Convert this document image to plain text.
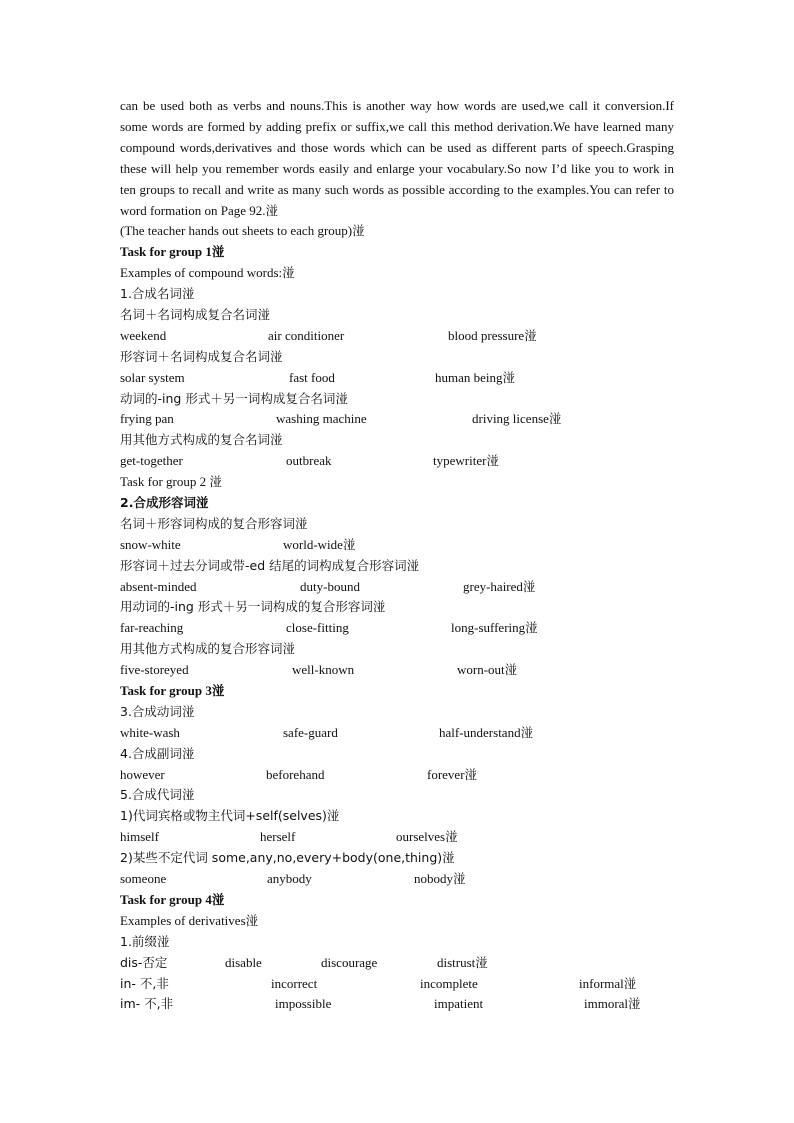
can be used both as verbs and nouns.This is another way how words are used,we call it conversion.If some words are formed by adding prefix or suffix,we call this method derivation.We have learned many compound words,derivatives and those words which can be used as different parts of speech.Grasping these will help you remember words easily and enlarge your vocabulary.So now I’d like you to work in ten groups to recall and write as many such words as possible according to the examples.You can refer to word formation on Page 92.湴

(The teacher hands out sheets to each group)湴
Task for group 1湴
Examples of compound words:湴
1.合成名词湴
名词＋名词构成复合名词湴
weekend	air conditioner	blood pressure湴
形容词＋名词构成复合名词湴
solar system	fast food	human being湴
动词的-ing 形式＋另一词构成复合名词湴
frying pan	washing machine	driving license湴
用其他方式构成的复合名词湴
get-together	outbreak	typewriter湴
Task for group 2 湴
2.合成形容词湴
名词＋形容词构成的复合形容词湴
snow-white	world-wide湴
形容词＋过去分词或带-ed 结尾的词构成复合形容词湴
absent-minded	duty-bound	grey-haired湴
用动词的-ing 形式＋另一词构成的复合形容词湴
far-reaching	close-fitting	long-suffering湴
用其他方式构成的复合形容词湴
five-storeyed	well-known	worn-out湴
Task for group 3湴
3.合成动词湴
white-wash	safe-guard	half-understand湴
4.合成副词湴
however	beforehand	forever湴
5.合成代词湴
1)代词宾格或物主代词+self(selves)湴
himself	herself	ourselves湴
2)某些不定代词 some,any,no,every+body(one,thing)湴
someone	anybody	nobody湴
Task for group 4湴
Examples of derivatives湴
1.前缀湴
dis-否定	disable	discourage	distrust湴
in- 不,非	incorrect	incomplete	informal湴
im- 不,非	impossible	impatient	immoral湴
